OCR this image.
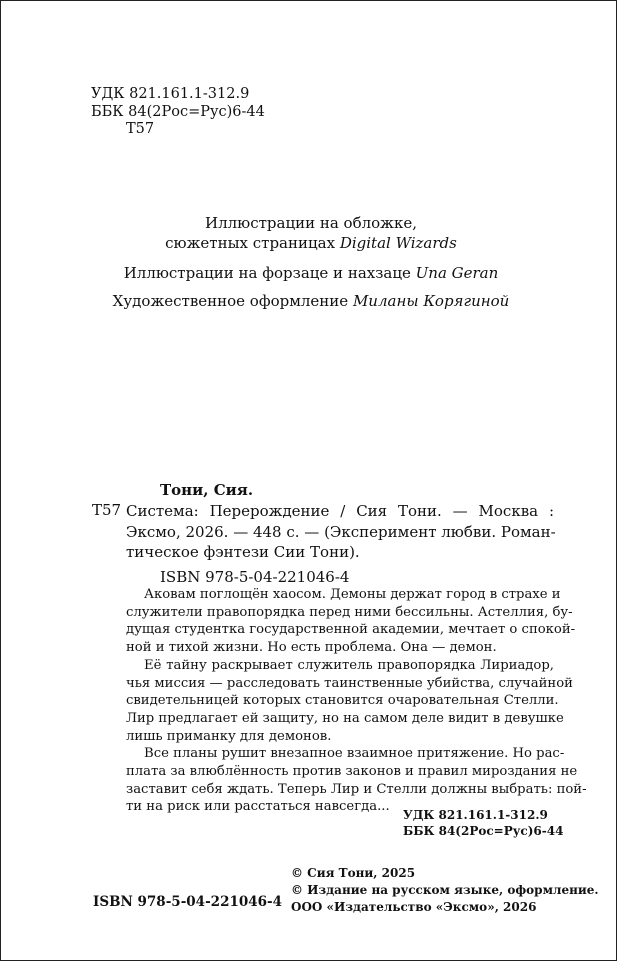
УДК 821.161.1-312.9
ББК 84(2Рос=Рус)6-44
Т57
Иллюстрации на обложке,
сюжетных страницах Digital Wizards
Иллюстрации на форзаце и нахзаце Una Geran
Художественное оформление Миланы Корягиной
Тони, Сия.
Т57 Система: Перерождение / Сия Тони. — Москва :
Эксмо, 2026. — 448 с. — (Эксперимент любви. Роман-
тическое фэнтези Сии Тони).
ISBN 978-5-04-221046-4

Аковам поглощён хаосом. Демоны держат город в страхе и
служители правопорядка перед ними бессильны. Астеллия, бу-
дущая студентка государственной академии, мечтает о спокой-
ной и тихой жизни. Но есть проблема. Она — демон.

Её тайну раскрывает служитель правопорядка Лириадор,
чья миссия — расследовать таинственные убийства, случайной
свидетельницей которых становится очаровательная Стелли.
Лир предлагает ей защиту, но на самом деле видит в девушке
лишь приманку для демонов.

Все планы рушит внезапное взаимное притяжение. Но рас-
плата за влюблённость против законов и правил мироздания не
заставит себя ждать. Теперь Лир и Стелли должны выбрать: пой-
ти на риск или расстаться навсегда...

УДК 821.161.1-312.9
ББК 84(2Рос=Рус)6-44
© Сия Тони, 2025
© Издание на русском языке, оформление.
ООО «Издательство «Эксмо», 2026
ISBN 978-5-04-221046-4
